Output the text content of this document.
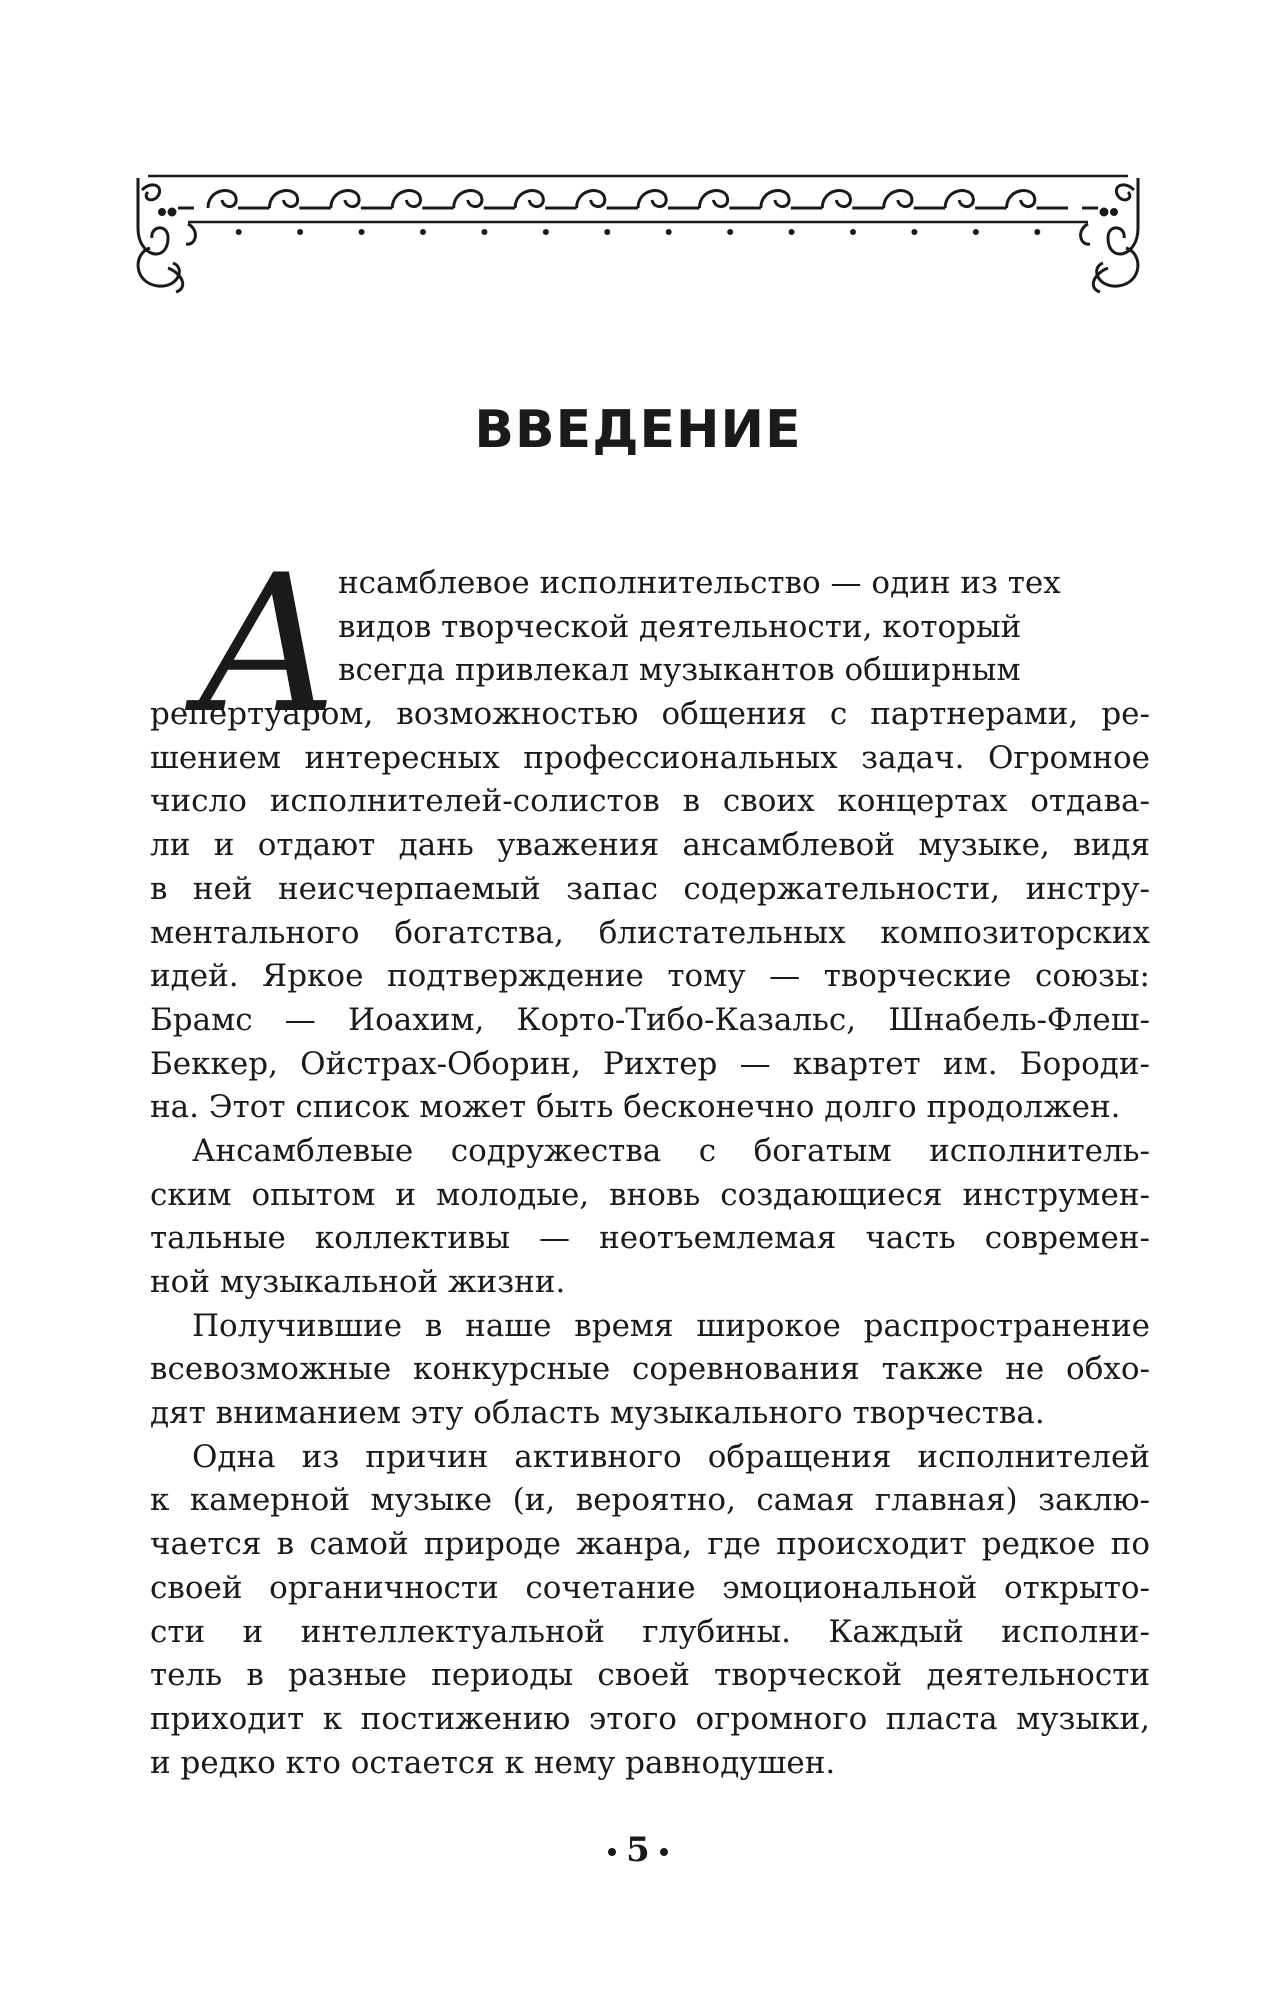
ВВЕДЕНИЕ
А
нсамблевое исполнительство — один из тех
видов творческой деятельности, который
всегда привлекал музыкантов обширным
репертуаром, возможностью общения с партнерами, ре-
шением интересных профессиональных задач. Огромное
число исполнителей-солистов в своих концертах отдава-
ли и отдают дань уважения ансамблевой музыке, видя
в ней неисчерпаемый запас содержательности, инстру-
ментального богатства, блистательных композиторских
идей. Яркое подтверждение тому — творческие союзы:
Брамс — Иоахим, Корто-Тибо-Казальс, Шнабель-Флеш-
Беккер, Ойстрах-Оборин, Рихтер — квартет им. Бороди-
на. Этот список может быть бесконечно долго продолжен.
Ансамблевые содружества с богатым исполнитель-
ским опытом и молодые, вновь создающиеся инструмен-
тальные коллективы — неотъемлемая часть современ-
ной музыкальной жизни.
Получившие в наше время широкое распространение
всевозможные конкурсные соревнования также не обхо-
дят вниманием эту область музыкального творчества.
Одна из причин активного обращения исполнителей
к камерной музыке (и, вероятно, самая главная) заклю-
чается в самой природе жанра, где происходит редкое по
своей органичности сочетание эмоциональной открыто-
сти и интеллектуальной глубины. Каждый исполни-
тель в разные периоды своей творческой деятельности
приходит к постижению этого огромного пласта музыки,
и редко кто остается к нему равнодушен.
5
